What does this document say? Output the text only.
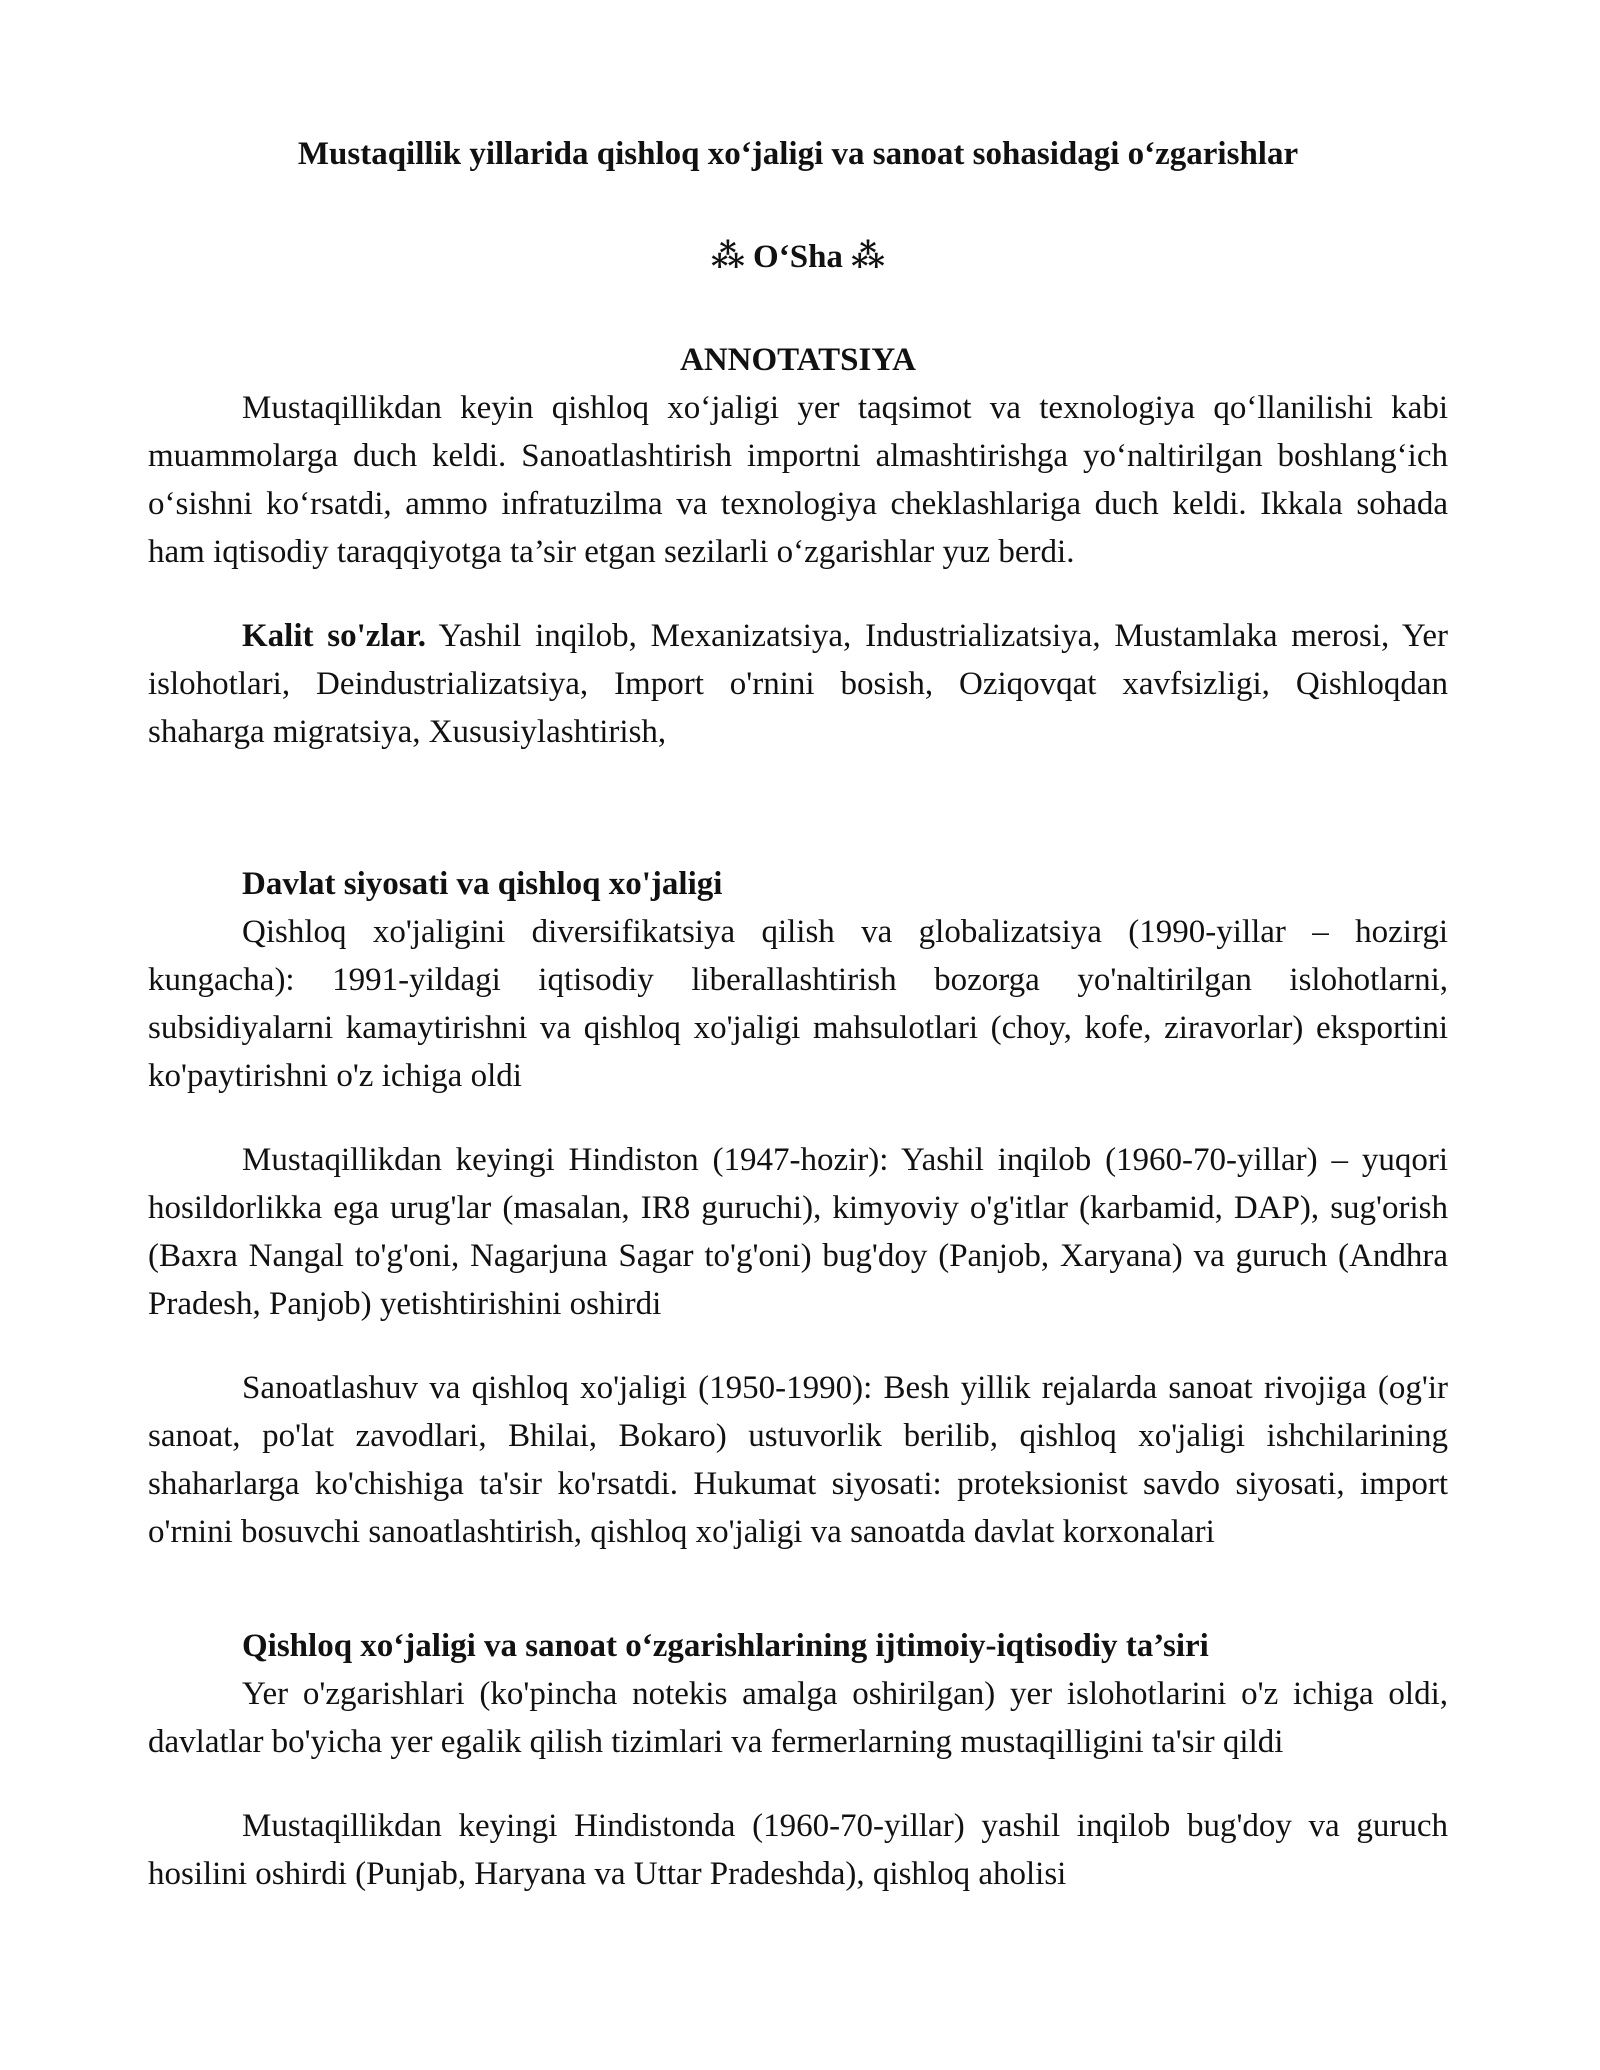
Mustaqillik yillarida qishloq xo‘jaligi va sanoat sohasidagi o‘zgarishlar
⁂ O‘Sha ⁂
ANNOTATSIYA

Mustaqillikdan keyin qishloq xo‘jaligi yer taqsimot va texnologiya qo‘llanilishi kabi muammolarga duch keldi. Sanoatlashtirish importni almashtirishga yo‘naltirilgan boshlang‘ich o‘sishni ko‘rsatdi, ammo infratuzilma va texnologiya cheklashlariga duch keldi. Ikkala sohada ham iqtisodiy taraqqiyotga ta’sir etgan sezilarli o‘zgarishlar yuz berdi.

Kalit so'zlar. Yashil inqilob, Mexanizatsiya, Industrializatsiya, Mustamlaka merosi, Yer islohotlari, Deindustrializatsiya, Import o'rnini bosish, Oziqovqat xavfsizligi, Qishloqdan shaharga migratsiya, Xususiylashtirish,

Davlat siyosati va qishloq xo'jaligi

Qishloq xo'jaligini diversifikatsiya qilish va globalizatsiya (1990-yillar – hozirgi kungacha): 1991-yildagi iqtisodiy liberallashtirish bozorga yo'naltirilgan islohotlarni, subsidiyalarni kamaytirishni va qishloq xo'jaligi mahsulotlari (choy, kofe, ziravorlar) eksportini ko'paytirishni o'z ichiga oldi

Mustaqillikdan keyingi Hindiston (1947-hozir): Yashil inqilob (1960-70-yillar) – yuqori hosildorlikka ega urug'lar (masalan, IR8 guruchi), kimyoviy o'g'itlar (karbamid, DAP), sug'orish (Baxra Nangal to'g'oni, Nagarjuna Sagar to'g'oni) bug'doy (Panjob, Xaryana) va guruch (Andhra Pradesh, Panjob) yetishtirishini oshirdi

Sanoatlashuv va qishloq xo'jaligi (1950-1990): Besh yillik rejalarda sanoat rivojiga (og'ir sanoat, po'lat zavodlari, Bhilai, Bokaro) ustuvorlik berilib, qishloq xo'jaligi ishchilarining shaharlarga ko'chishiga ta'sir ko'rsatdi. Hukumat siyosati: proteksionist savdo siyosati, import o'rnini bosuvchi sanoatlashtirish, qishloq xo'jaligi va sanoatda davlat korxonalari

Qishloq xo‘jaligi va sanoat o‘zgarishlarining ijtimoiy-iqtisodiy ta’siri

Yer o'zgarishlari (ko'pincha notekis amalga oshirilgan) yer islohotlarini o'z ichiga oldi, davlatlar bo'yicha yer egalik qilish tizimlari va fermerlarning mustaqilligini ta'sir qildi

Mustaqillikdan keyingi Hindistonda (1960-70-yillar) yashil inqilob bug'doy va guruch hosilini oshirdi (Punjab, Haryana va Uttar Pradeshda), qishloq aholisi
